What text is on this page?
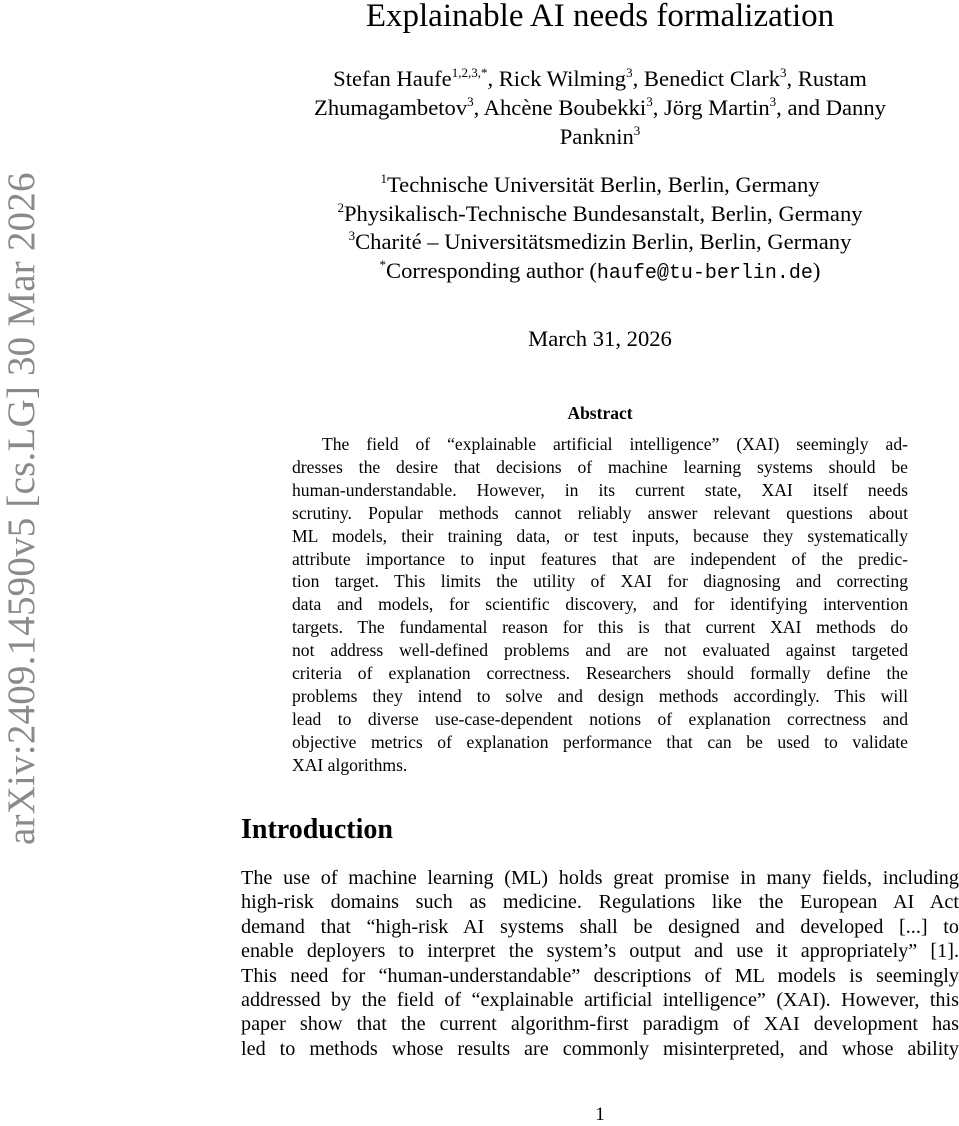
arXiv:2409.14590v5 [cs.LG] 30 Mar 2026
Explainable AI needs formalization
Stefan Haufe$^{1,2,3,*}$, Rick Wilming$^3$, Benedict Clark$^3$, Rustam
Zhumagambetov$^3$, Ahcène Boubekki$^3$, Jörg Martin$^3$, and Danny
Panknin$^3$
$^1$Technische Universität Berlin, Berlin, Germany
$^2$Physikalisch-Technische Bundesanstalt, Berlin, Germany
$^3$Charité – Universitätsmedizin Berlin, Berlin, Germany
*Corresponding author (haufe@tu-berlin.de)
March 31, 2026
Abstract
The field of “explainable artificial intelligence” (XAI) seemingly ad-
dresses the desire that decisions of machine learning systems should be
human-understandable. However, in its current state, XAI itself needs
scrutiny. Popular methods cannot reliably answer relevant questions about
ML models, their training data, or test inputs, because they systematically
attribute importance to input features that are independent of the predic-
tion target. This limits the utility of XAI for diagnosing and correcting
data and models, for scientific discovery, and for identifying intervention
targets. The fundamental reason for this is that current XAI methods do
not address well-defined problems and are not evaluated against targeted
criteria of explanation correctness. Researchers should formally define the
problems they intend to solve and design methods accordingly. This will
lead to diverse use-case-dependent notions of explanation correctness and
objective metrics of explanation performance that can be used to validate
XAI algorithms.
Introduction
The use of machine learning (ML) holds great promise in many fields, including
high-risk domains such as medicine. Regulations like the European AI Act
demand that “high-risk AI systems shall be designed and developed [...] to
enable deployers to interpret the system’s output and use it appropriately” [1].
This need for “human-understandable” descriptions of ML models is seemingly
addressed by the field of “explainable artificial intelligence” (XAI). However, this
paper show that the current algorithm-first paradigm of XAI development has
led to methods whose results are commonly misinterpreted, and whose ability
1
